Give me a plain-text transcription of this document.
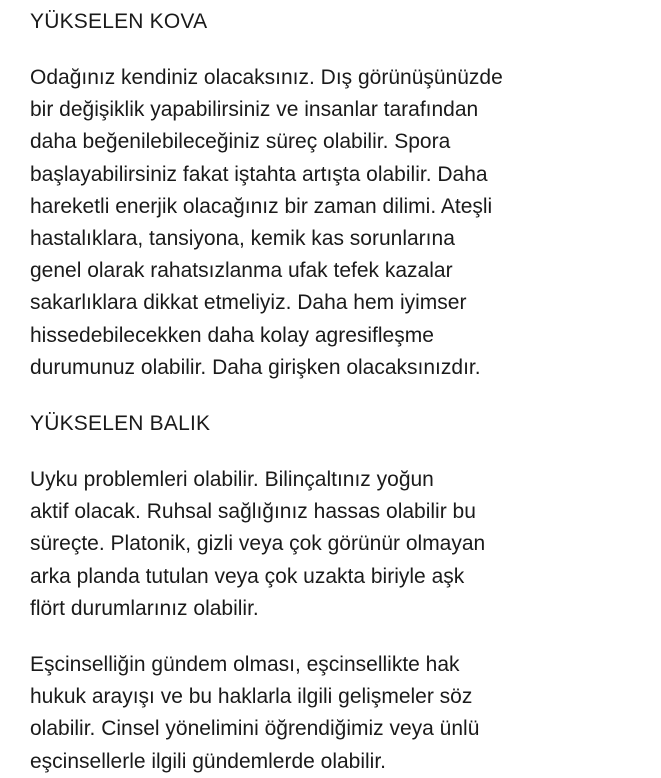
YÜKSELEN KOVA

Odağınız kendiniz olacaksınız. Dış görünüşünüzde
bir değişiklik yapabilirsiniz ve insanlar tarafından
daha beğenilebileceğiniz süreç olabilir. Spora
başlayabilirsiniz fakat iştahta artışta olabilir. Daha
hareketli enerjik olacağınız bir zaman dilimi. Ateşli
hastalıklara, tansiyona, kemik kas sorunlarına
genel olarak rahatsızlanma ufak tefek kazalar
sakarlıklara dikkat etmeliyiz. Daha hem iyimser
hissedebilecekken daha kolay agresifleşme
durumunuz olabilir. Daha girişken olacaksınızdır.

YÜKSELEN BALIK

Uyku problemleri olabilir. Bilinçaltınız yoğun
aktif olacak. Ruhsal sağlığınız hassas olabilir bu
süreçte. Platonik, gizli veya çok görünür olmayan
arka planda tutulan veya çok uzakta biriyle aşk
flört durumlarınız olabilir.

Eşcinselliğin gündem olması, eşcinsellikte hak
hukuk arayışı ve bu haklarla ilgili gelişmeler söz
olabilir. Cinsel yönelimini öğrendiğimiz veya ünlü
eşcinsellerle ilgili gündemlerde olabilir.
